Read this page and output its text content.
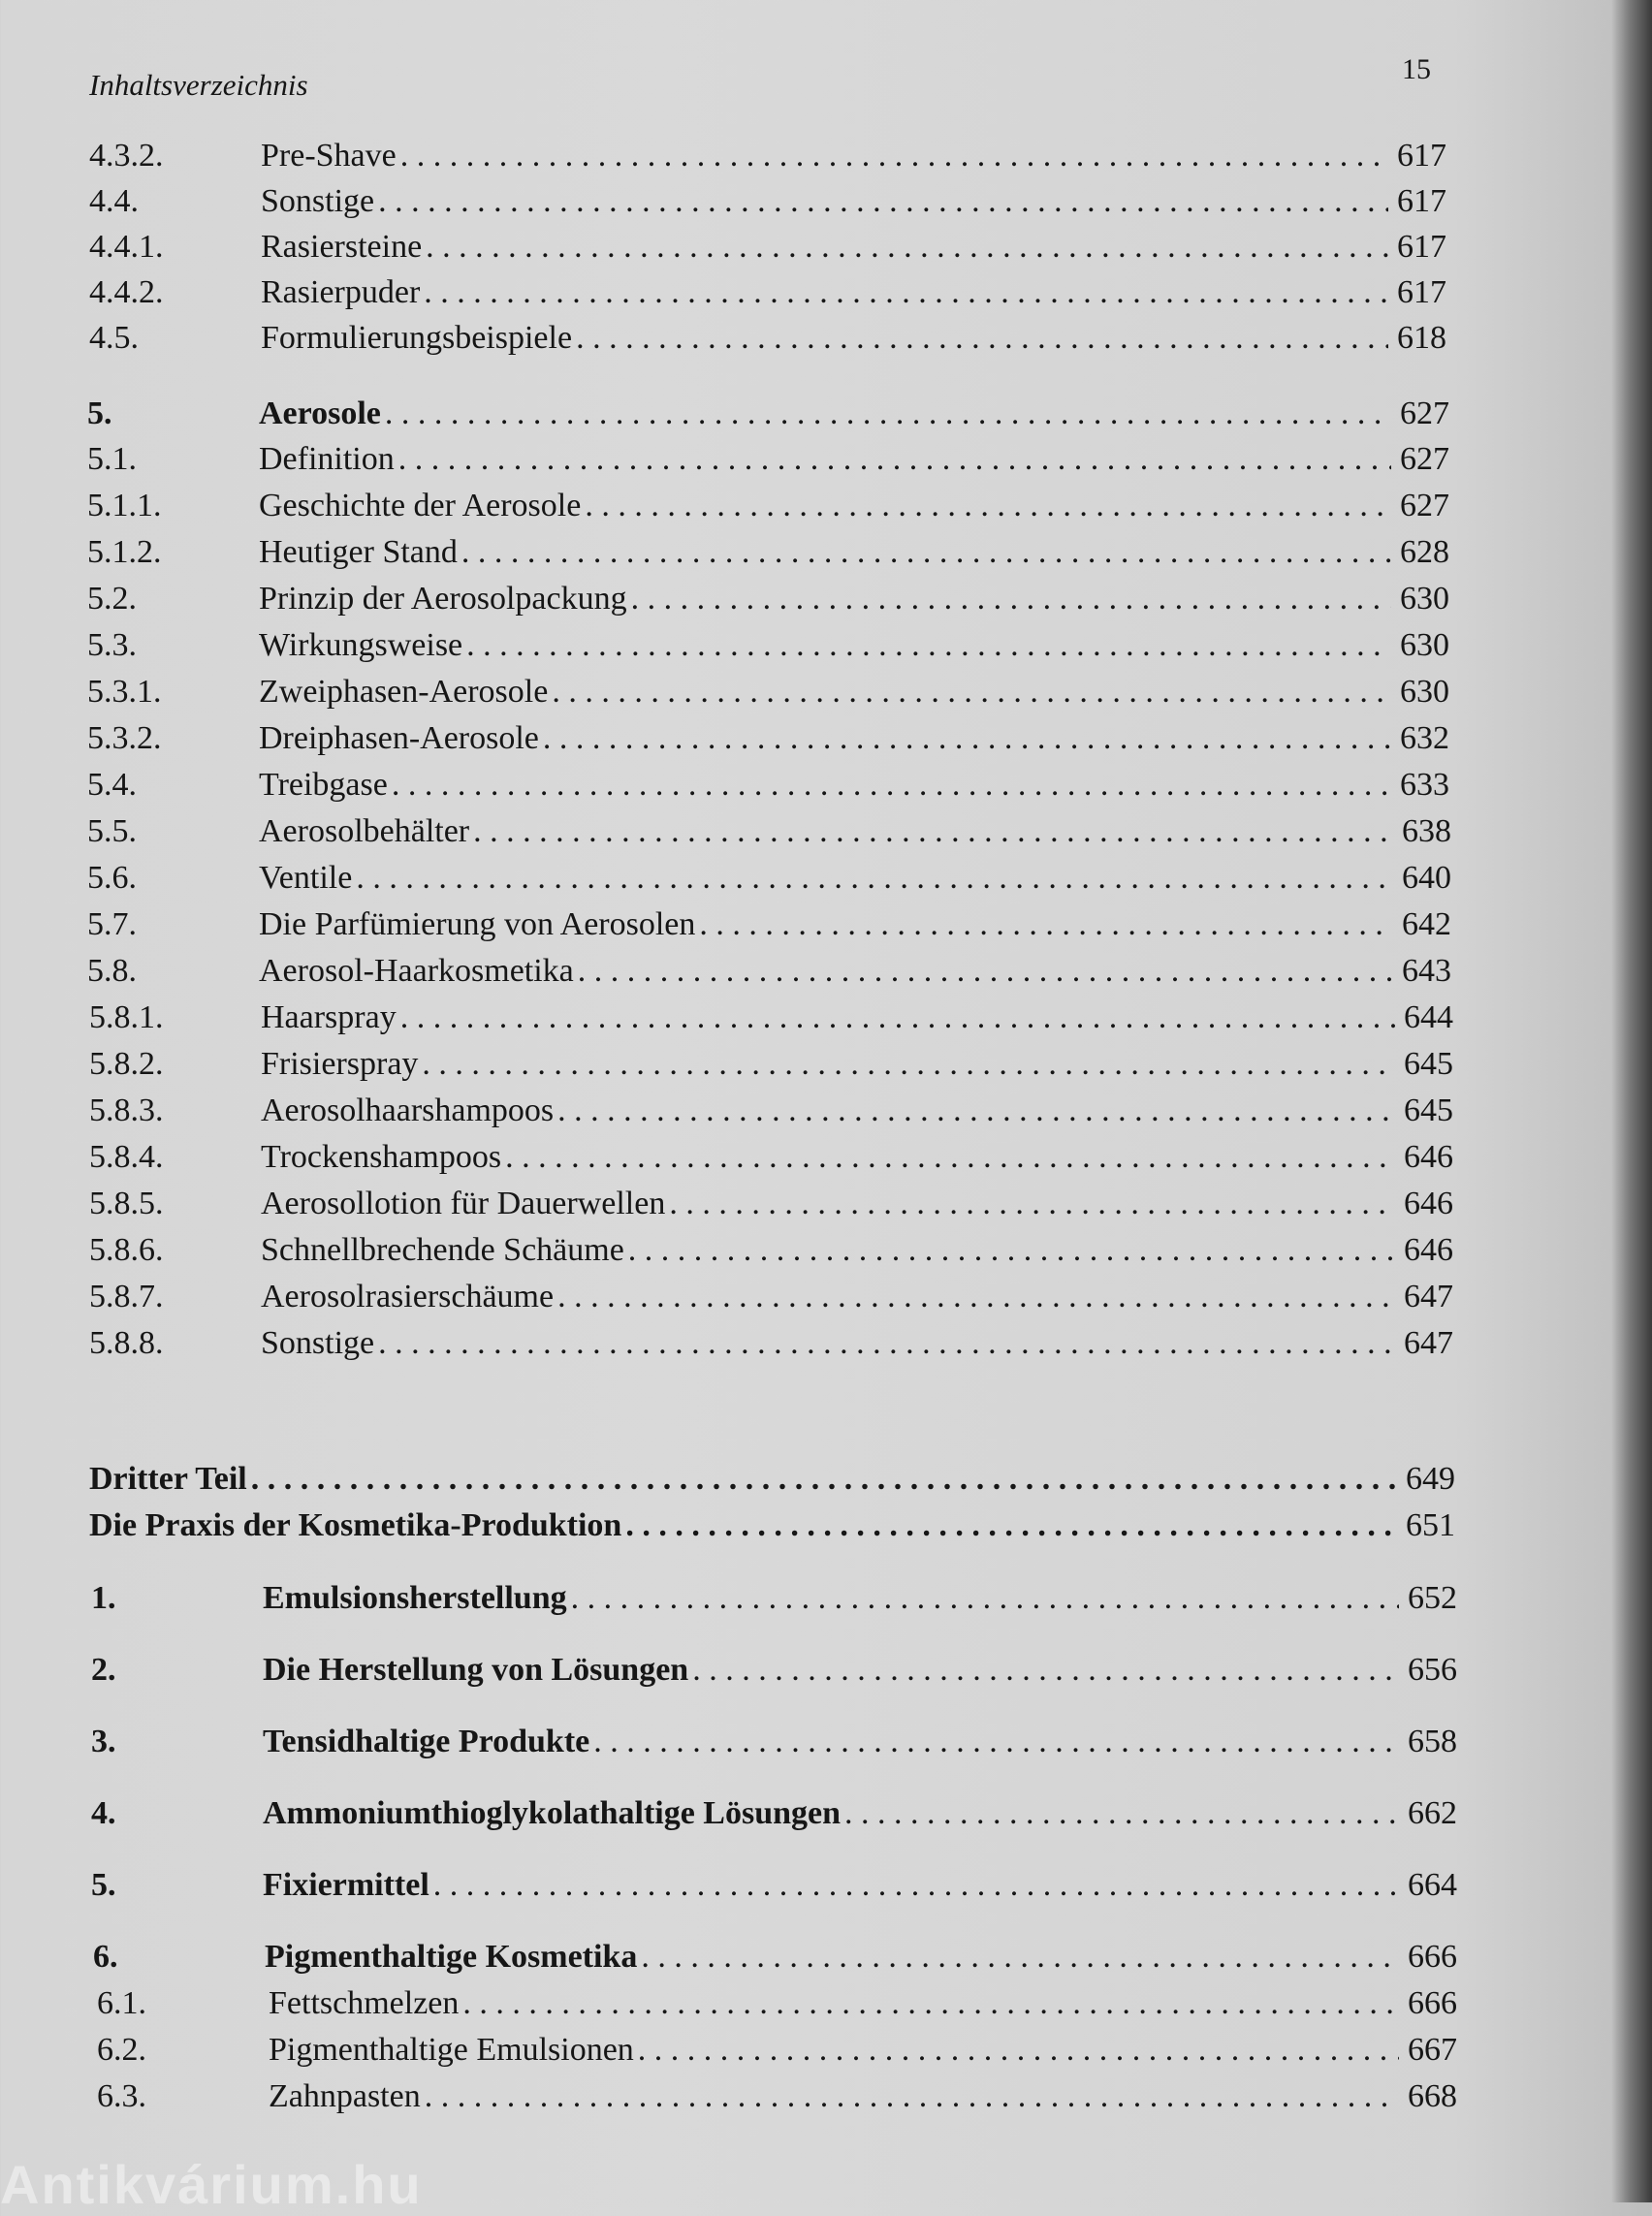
Inhaltsverzeichnis	15
4.3.2.	Pre-Shave . . .	617
4.4.	Sonstige . . .	617
4.4.1.	Rasiersteine . . .	617
4.4.2.	Rasierpuder . . .	617
4.5.	Formulierungsbeispiele . . .	618
5.	Aerosole . . .	627
5.1.	Definition . . .	627
5.1.1.	Geschichte der Aerosole . . .	627
5.1.2.	Heutiger Stand . . .	628
5.2.	Prinzip der Aerosolpackung . . .	630
5.3.	Wirkungsweise . . .	630
5.3.1.	Zweiphasen-Aerosole . . .	630
5.3.2.	Dreiphasen-Aerosole . . .	632
5.4.	Treibgase . . .	633
5.5.	Aerosolbehälter . . .	638
5.6.	Ventile . . .	640
5.7.	Die Parfümierung von Aerosolen . . .	642
5.8.	Aerosol-Haarkosmetika . . .	643
5.8.1.	Haarspray . . .	644
5.8.2.	Frisierspray . . .	645
5.8.3.	Aerosolhaarshampoos . . .	645
5.8.4.	Trockenshampoos . . .	646
5.8.5.	Aerosollotion für Dauerwellen . . .	646
5.8.6.	Schnellbrechende Schäume . . .	646
5.8.7.	Aerosolrasierschäume . . .	647
5.8.8.	Sonstige . . .	647
Dritter Teil . . .	649
Die Praxis der Kosmetika-Produktion . . .	651
1.	Emulsionsherstellung . . .	652
2.	Die Herstellung von Lösungen . . .	656
3.	Tensidhaltige Produkte . . .	658
4.	Ammoniumthioglykolathaltige Lösungen . . .	662
5.	Fixiermittel . . .	664
6.	Pigmenthaltige Kosmetika . . .	666
6.1.	Fettschmelzen . . .	666
6.2.	Pigmenthaltige Emulsionen . . .	667
6.3.	Zahnpasten . . .	668
Antikvárium.hu
